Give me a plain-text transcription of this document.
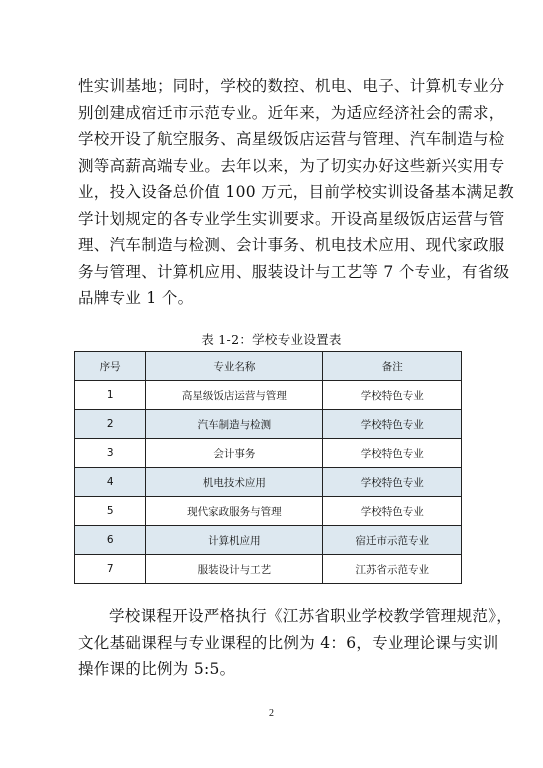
性实训基地；同时，学校的数控、机电、电子、计算机专业分
别创建成宿迁市示范专业。近年来，为适应经济社会的需求，
学校开设了航空服务、高星级饭店运营与管理、汽车制造与检
测等高薪高端专业。去年以来，为了切实办好这些新兴实用专
业，投入设备总价值 100 万元，目前学校实训设备基本满足教
学计划规定的各专业学生实训要求。开设高星级饭店运营与管
理、汽车制造与检测、会计事务、机电技术应用、现代家政服
务与管理、计算机应用、服装设计与工艺等 7 个专业，有省级
品牌专业 1 个。

表 1-2：学校专业设置表
序号	专业名称	备注
1	高星级饭店运营与管理	学校特色专业
2	汽车制造与检测	学校特色专业
3	会计事务	学校特色专业
4	机电技术应用	学校特色专业
5	现代家政服务与管理	学校特色专业
6	计算机应用	宿迁市示范专业
7	服装设计与工艺	江苏省示范专业

学校课程开设严格执行《江苏省职业学校教学管理规范》，
文化基础课程与专业课程的比例为 4：6，专业理论课与实训
操作课的比例为 5:5。

2
